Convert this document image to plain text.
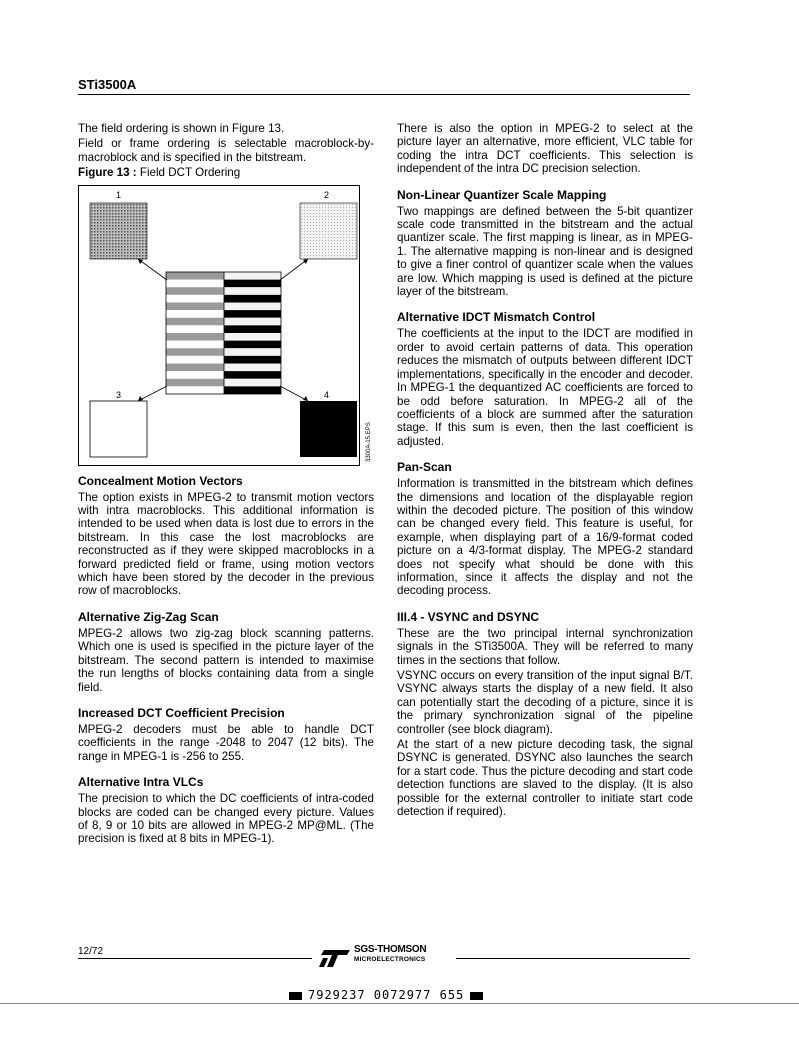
STi3500A

The field ordering is shown in Figure 13.

Field or frame ordering is selectable macroblock-by-macroblock and is specified in the bitstream.

Figure 13 : Field DCT Ordering
1	2
3	4
3300A-15.EPS
Concealment Motion Vectors

The option exists in MPEG-2 to transmit motion vectors with intra macroblocks. This additional information is intended to be used when data is lost due to errors in the bitstream. In this case the lost macroblocks are reconstructed as if they were skipped macroblocks in a forward predicted field or frame, using motion vectors which have been stored by the decoder in the previous row of macroblocks.

Alternative Zig-Zag Scan

MPEG-2 allows two zig-zag block scanning patterns. Which one is used is specified in the picture layer of the bitstream. The second pattern is intended to maximise the run lengths of blocks containing data from a single field.

Increased DCT Coefficient Precision

MPEG-2 decoders must be able to handle DCT coefficients in the range -2048 to 2047 (12 bits). The range in MPEG-1 is -256 to 255.

Alternative Intra VLCs

The precision to which the DC coefficients of intra-coded blocks are coded can be changed every picture. Values of 8, 9 or 10 bits are allowed in MPEG-2 MP@ML. (The precision is fixed at 8 bits in MPEG-1).

There is also the option in MPEG-2 to select at the picture layer an alternative, more efficient, VLC table for coding the intra DCT coefficients. This selection is independent of the intra DC precision selection.

Non-Linear Quantizer Scale Mapping

Two mappings are defined between the 5-bit quantizer scale code transmitted in the bitstream and the actual quantizer scale. The first mapping is linear, as in MPEG-1. The alternative mapping is non-linear and is designed to give a finer control of quantizer scale when the values are low. Which mapping is used is defined at the picture layer of the bitstream.

Alternative IDCT Mismatch Control

The coefficients at the input to the IDCT are modified in order to avoid certain patterns of data. This operation reduces the mismatch of outputs between different IDCT implementations, specifically in the encoder and decoder. In MPEG-1 the dequantized AC coefficients are forced to be odd before saturation. In MPEG-2 all of the coefficients of a block are summed after the saturation stage. If this sum is even, then the last coefficient is adjusted.

Pan-Scan

Information is transmitted in the bitstream which defines the dimensions and location of the displayable region within the decoded picture. The position of this window can be changed every field. This feature is useful, for example, when displaying part of a 16/9-format coded picture on a 4/3-format display. The MPEG-2 standard does not specify what should be done with this information, since it affects the display and not the decoding process.

III.4 - VSYNC and DSYNC

These are the two principal internal synchronization signals in the STi3500A. They will be referred to many times in the sections that follow.

VSYNC occurs on every transition of the input signal B/T. VSYNC always starts the display of a new field. It also can potentially start the decoding of a picture, since it is the primary synchronization signal of the pipeline controller (see block diagram).

At the start of a new picture decoding task, the signal DSYNC is generated. DSYNC also launches the search for a start code. Thus the picture decoding and start code detection functions are slaved to the display. (It is also possible for the external controller to initiate start code detection if required).

12/72	SGS-THOMSON
MICROELECTRONICS
7929237 0072977 655
